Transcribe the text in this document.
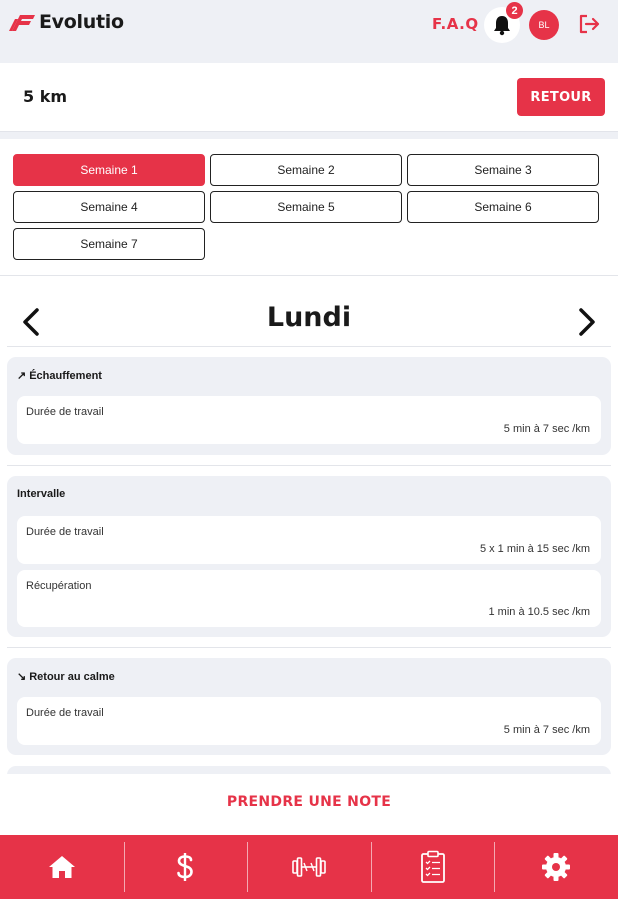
Evolutio	F.A.Q
2
BL
5 km	RETOUR
Semaine 1	Semaine 2	Semaine 3
Semaine 4	Semaine 5	Semaine 6
Semaine 7
Lundi
↗ Échauffement
Durée de travail
5 min à 7 sec /km
Intervalle
Durée de travail
5 x 1 min à 15 sec /km
Récupération
1 min à 10.5 sec /km
↘ Retour au calme
Durée de travail
5 min à 7 sec /km
PRENDRE UNE NOTE
